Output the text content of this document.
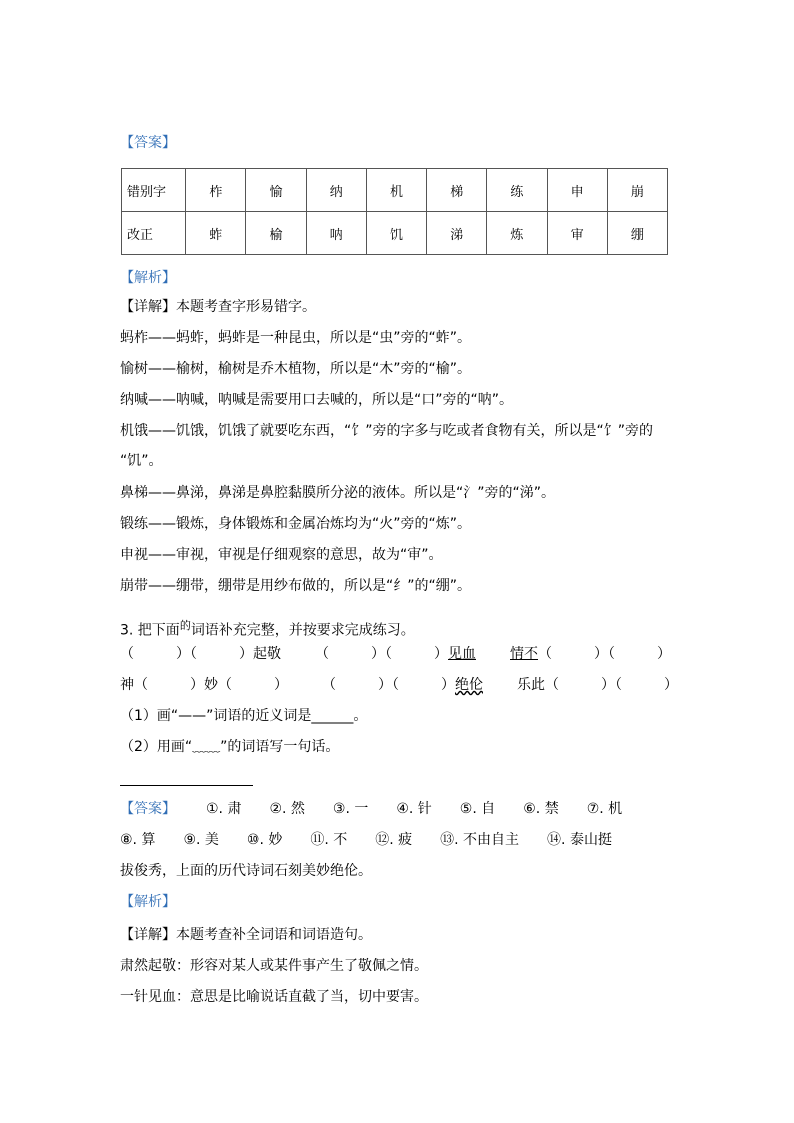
【答案】
错别字	柞	愉	纳	机	梯	练	申	崩
改正	蚱	榆	呐	饥	涕	炼	审	绷
【解析】
【详解】本题考查字形易错字。
蚂柞——蚂蚱，蚂蚱是一种昆虫，所以是“虫”旁的“蚱”。
愉树——榆树，榆树是乔木植物，所以是“木”旁的“榆”。
纳喊——呐喊，呐喊是需要用口去喊的，所以是“口”旁的“呐”。
机饿——饥饿，饥饿了就要吃东西，“饣”旁的字多与吃或者食物有关，所以是“饣”旁的
“饥”。
鼻梯——鼻涕，鼻涕是鼻腔黏膜所分泌的液体。所以是“氵”旁的“涕”。
锻练——锻炼，身体锻炼和金属冶炼均为“火”旁的“炼”。
申视——审视，审视是仔细观察的意思，故为“审”。
崩带——绷带，绷带是用纱布做的，所以是“纟”的“绷”。
3. 把下面$^的$词语补充完整，并按要求完成练习。
（　　　）（　　　）起敬 （　　　）（　　　）见血 情不（　　　）（　　　）
神（　　　）妙（　　　） （　　　）（　　　）绝伦 乐此（　　　）（　　　）
（1）画“——”词语的近义词是______。
（2）用画“﹏﹏”的词语写一句话。
【答案】 ①. 肃　　②. 然　　③. 一　　④. 针　　⑤. 自　　⑥. 禁　　⑦. 机
⑧. 算　　⑨. 美　　⑩. 妙　　⑪. 不　　⑫. 疲　　⑬. 不由自主　　⑭. 泰山挺
拔俊秀，上面的历代诗词石刻美妙绝伦。
【解析】
【详解】本题考查补全词语和词语造句。
肃然起敬：形容对某人或某件事产生了敬佩之情。
一针见血：意思是比喻说话直截了当，切中要害。
